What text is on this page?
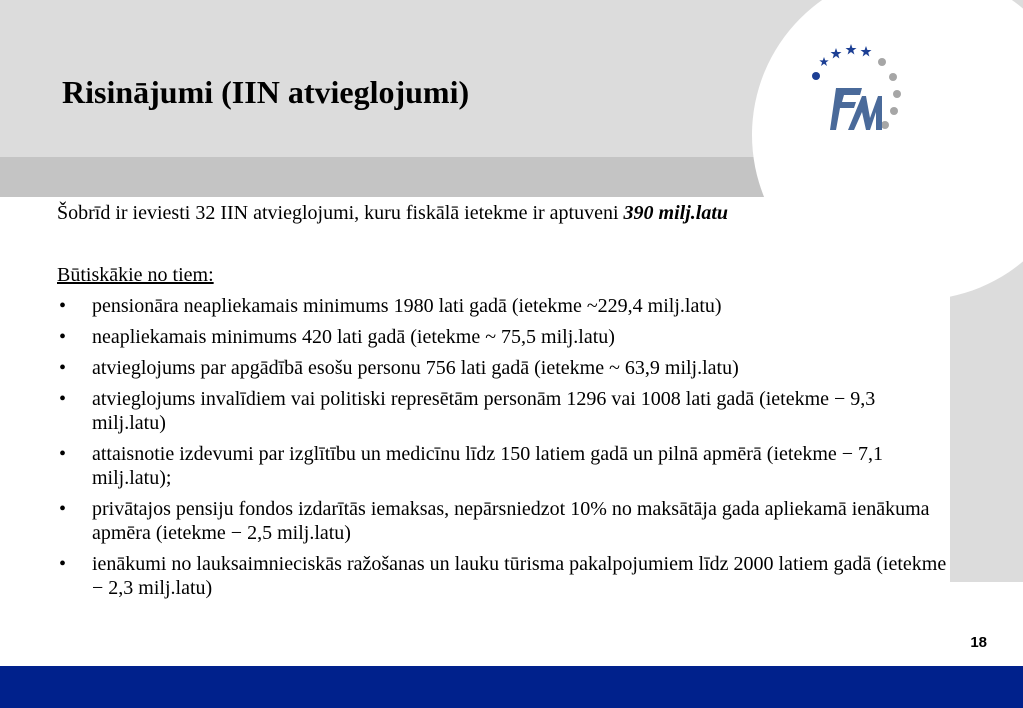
Risinājumi (IIN atvieglojumi)

Šobrīd ir ieviesti 32 IIN atvieglojumi, kuru fiskālā ietekme ir aptuveni 390 milj.latu

Būtiskākie no tiem:

• pensionāra neapliekamais minimums 1980 lati gadā (ietekme ~229,4 milj.latu)
• neapliekamais minimums 420 lati gadā (ietekme ~ 75,5 milj.latu)
• atvieglojums par apgādībā esošu personu 756 lati gadā (ietekme ~ 63,9 milj.latu)
• atvieglojums invalīdiem vai politiski represētām personām 1296 vai 1008 lati gadā (ietekme − 9,3 milj.latu)
• attaisnotie izdevumi par izglītību un medicīnu līdz 150 latiem gadā un pilnā apmērā (ietekme − 7,1 milj.latu);
• privātajos pensiju fondos izdarītās iemaksas, nepārsniedzot 10% no maksātāja gada apliekamā ienākuma apmēra (ietekme − 2,5 milj.latu)
• ienākumi no lauksaimnieciskās ražošanas un lauku tūrisma pakalpojumiem līdz 2000 latiem gadā (ietekme − 2,3 milj.latu)
18
